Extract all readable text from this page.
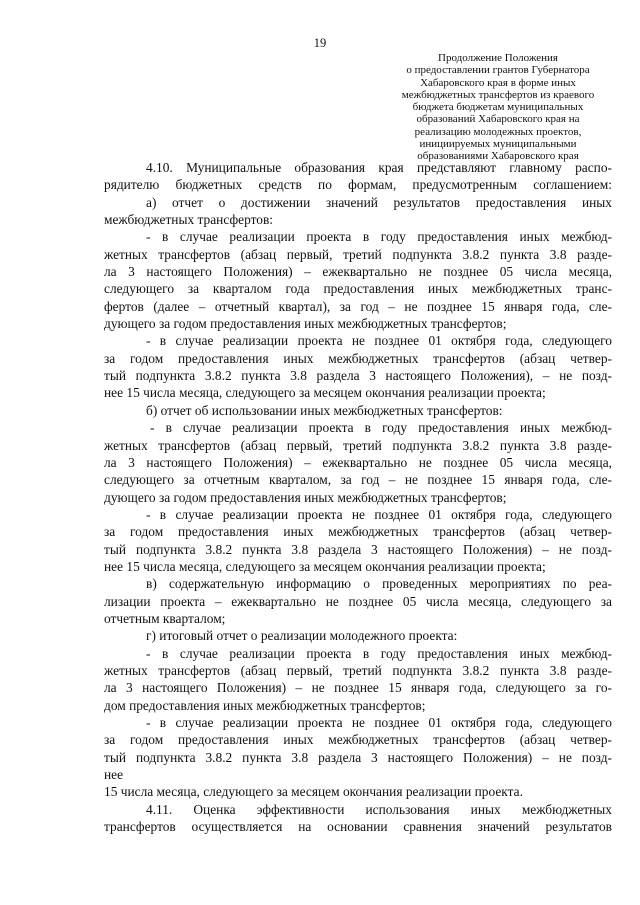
19
Продолжение Положения
о предоставлении грантов Губернатора
Хабаровского края в форме иных
межбюджетных трансфертов из краевого
бюджета бюджетам муниципальных
образований Хабаровского края на
реализацию молодежных проектов,
инициируемых муниципальными
образованиями Хабаровского края

4.10. Муниципальные образования края представляют главному распо-

рядителю бюджетных средств по формам, предусмотренным соглашением:

а) отчет о достижении значений результатов предоставления иных

межбюджетных трансфертов:

- в случае реализации проекта в году предоставления иных межбюд-

жетных трансфертов (абзац первый, третий подпункта 3.8.2 пункта 3.8 разде-

ла 3 настоящего Положения) – ежеквартально не позднее 05 числа месяца,

следующего за кварталом года предоставления иных межбюджетных транс-

фертов (далее – отчетный квартал), за год – не позднее 15 января года, сле-

дующего за годом предоставления иных межбюджетных трансфертов;

- в случае реализации проекта не позднее 01 октября года, следующего

за годом предоставления иных межбюджетных трансфертов (абзац четвер-

тый подпункта 3.8.2 пункта 3.8 раздела 3 настоящего Положения), – не позд-

нее 15 числа месяца, следующего за месяцем окончания реализации проекта;

б) отчет об использовании иных межбюджетных трансфертов:

- в случае реализации проекта в году предоставления иных межбюд-

жетных трансфертов (абзац первый, третий подпункта 3.8.2 пункта 3.8 разде-

ла 3 настоящего Положения) – ежеквартально не позднее 05 числа месяца,

следующего за отчетным кварталом, за год – не позднее 15 января года, сле-

дующего за годом предоставления иных межбюджетных трансфертов;

- в случае реализации проекта не позднее 01 октября года, следующего

за годом предоставления иных межбюджетных трансфертов (абзац четвер-

тый подпункта 3.8.2 пункта 3.8 раздела 3 настоящего Положения) – не позд-

нее 15 числа месяца, следующего за месяцем окончания реализации проекта;

в) содержательную информацию о проведенных мероприятиях по реа-

лизации проекта – ежеквартально не позднее 05 числа месяца, следующего за

отчетным кварталом;

г) итоговый отчет о реализации молодежного проекта:

- в случае реализации проекта в году предоставления иных межбюд-

жетных трансфертов (абзац первый, третий подпункта 3.8.2 пункта 3.8 разде-

ла 3 настоящего Положения) – не позднее 15 января года, следующего за го-

дом предоставления иных межбюджетных трансфертов;

- в случае реализации проекта не позднее 01 октября года, следующего

за годом предоставления иных межбюджетных трансфертов (абзац четвер-

тый подпункта 3.8.2 пункта 3.8 раздела 3 настоящего Положения) – не позд-

нее

15 числа месяца, следующего за месяцем окончания реализации проекта.

4.11. Оценка эффективности использования иных межбюджетных

трансфертов осуществляется на основании сравнения значений результатов
